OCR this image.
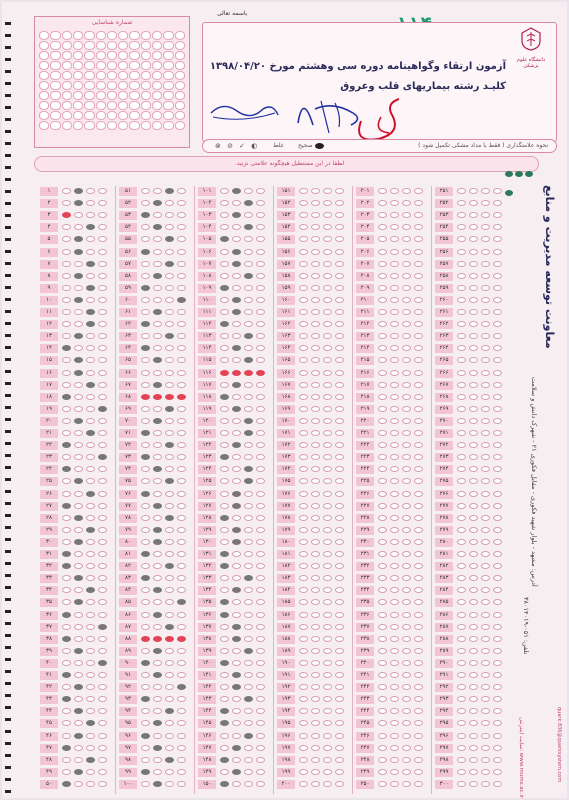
باسمه تعالی
شماره شناسایی
دانشگاه علوم پزشکی
آزمون ارتقاء وگواهینامه دوره سی وهشتم مورخ ۱۳۹۸/۰۴/۲۰
کلیـد رشته بیماریهای قلب وعروق
نحوه علامتگذاری ( فقط با مداد مشکی تکمیل شود )
صحیح
غلط
⊗ ⊘ ✓ ◐
لطفا در این مستطیل هیچگونه علامتی نزنید.
۱
۲
۳
۴
۵
۶
۷
۸
۹
۱۰
۱۱
۱۲
۱۳
۱۴
۱۵
۱۶
۱۷
۱۸
۱۹
۲۰
۲۱
۲۲
۲۳
۲۴
۲۵
۲۶
۲۷
۲۸
۲۹
۳۰
۳۱
۳۲
۳۳
۳۴
۳۵
۳۶
۳۷
۳۸
۳۹
۴۰
۴۱
۴۲
۴۳
۴۴
۴۵
۴۶
۴۷
۴۸
۴۹
۵۰
۵۱
۵۲
۵۳
۵۴
۵۵
۵۶
۵۷
۵۸
۵۹
۶۰
۶۱
۶۲
۶۳
۶۴
۶۵
۶۶
۶۷
۶۸
۶۹
۷۰
۷۱
۷۲
۷۳
۷۴
۷۵
۷۶
۷۷
۷۸
۷۹
۸۰
۸۱
۸۲
۸۳
۸۴
۸۵
۸۶
۸۷
۸۸
۸۹
۹۰
۹۱
۹۲
۹۳
۹۴
۹۵
۹۶
۹۷
۹۸
۹۹
۱۰۰
۱۰۱
۱۰۲
۱۰۳
۱۰۴
۱۰۵
۱۰۶
۱۰۷
۱۰۸
۱۰۹
۱۱۰
۱۱۱
۱۱۲
۱۱۳
۱۱۴
۱۱۵
۱۱۶
۱۱۷
۱۱۸
۱۱۹
۱۲۰
۱۲۱
۱۲۲
۱۲۳
۱۲۴
۱۲۵
۱۲۶
۱۲۷
۱۲۸
۱۲۹
۱۳۰
۱۳۱
۱۳۲
۱۳۳
۱۳۴
۱۳۵
۱۳۶
۱۳۷
۱۳۸
۱۳۹
۱۴۰
۱۴۱
۱۴۲
۱۴۳
۱۴۴
۱۴۵
۱۴۶
۱۴۷
۱۴۸
۱۴۹
۱۵۰
۱۵۱
۱۵۲
۱۵۳
۱۵۴
۱۵۵
۱۵۶
۱۵۷
۱۵۸
۱۵۹
۱۶۰
۱۶۱
۱۶۲
۱۶۳
۱۶۴
۱۶۵
۱۶۶
۱۶۷
۱۶۸
۱۶۹
۱۷۰
۱۷۱
۱۷۲
۱۷۳
۱۷۴
۱۷۵
۱۷۶
۱۷۷
۱۷۸
۱۷۹
۱۸۰
۱۸۱
۱۸۲
۱۸۳
۱۸۴
۱۸۵
۱۸۶
۱۸۷
۱۸۸
۱۸۹
۱۹۰
۱۹۱
۱۹۲
۱۹۳
۱۹۴
۱۹۵
۱۹۶
۱۹۷
۱۹۸
۱۹۹
۲۰۰
۲۰۱
۲۰۲
۲۰۳
۲۰۴
۲۰۵
۲۰۶
۲۰۷
۲۰۸
۲۰۹
۲۱۰
۲۱۱
۲۱۲
۲۱۳
۲۱۴
۲۱۵
۲۱۶
۲۱۷
۲۱۸
۲۱۹
۲۲۰
۲۲۱
۲۲۲
۲۲۳
۲۲۴
۲۲۵
۲۲۶
۲۲۷
۲۲۸
۲۲۹
۲۳۰
۲۳۱
۲۳۲
۲۳۳
۲۳۴
۲۳۵
۲۳۶
۲۳۷
۲۳۸
۲۳۹
۲۴۰
۲۴۱
۲۴۲
۲۴۳
۲۴۴
۲۴۵
۲۴۶
۲۴۷
۲۴۸
۲۴۹
۲۵۰
۲۵۱
۲۵۲
۲۵۳
۲۵۴
۲۵۵
۲۵۶
۲۵۷
۲۵۸
۲۵۹
۲۶۰
۲۶۱
۲۶۲
۲۶۳
۲۶۴
۲۶۵
۲۶۶
۲۶۷
۲۶۸
۲۶۹
۲۷۰
۲۷۱
۲۷۲
۲۷۳
۲۷۴
۲۷۵
۲۷۶
۲۷۷
۲۷۸
۲۷۹
۲۸۰
۲۸۱
۲۸۲
۲۸۳
۲۸۴
۲۸۵
۲۸۶
۲۸۷
۲۸۸
۲۸۹
۲۹۰
۲۹۱
۲۹۲
۲۹۳
۲۹۴
۲۹۵
۲۹۶
۲۹۷
۲۹۸
۲۹۹
۳۰۰
معاونت توسعه مدیریت و منابع
آدرس: مشهد - بلوار شهید فکوری - مقابل فکوری ۲۱ - شهرک دانش و سلامت
تلفن: ۰۵۱-۳۸۰۱۴۰۱۹
سایت اینترنتی: www.mums.ac.ir	quark 836@quarksystem.com
